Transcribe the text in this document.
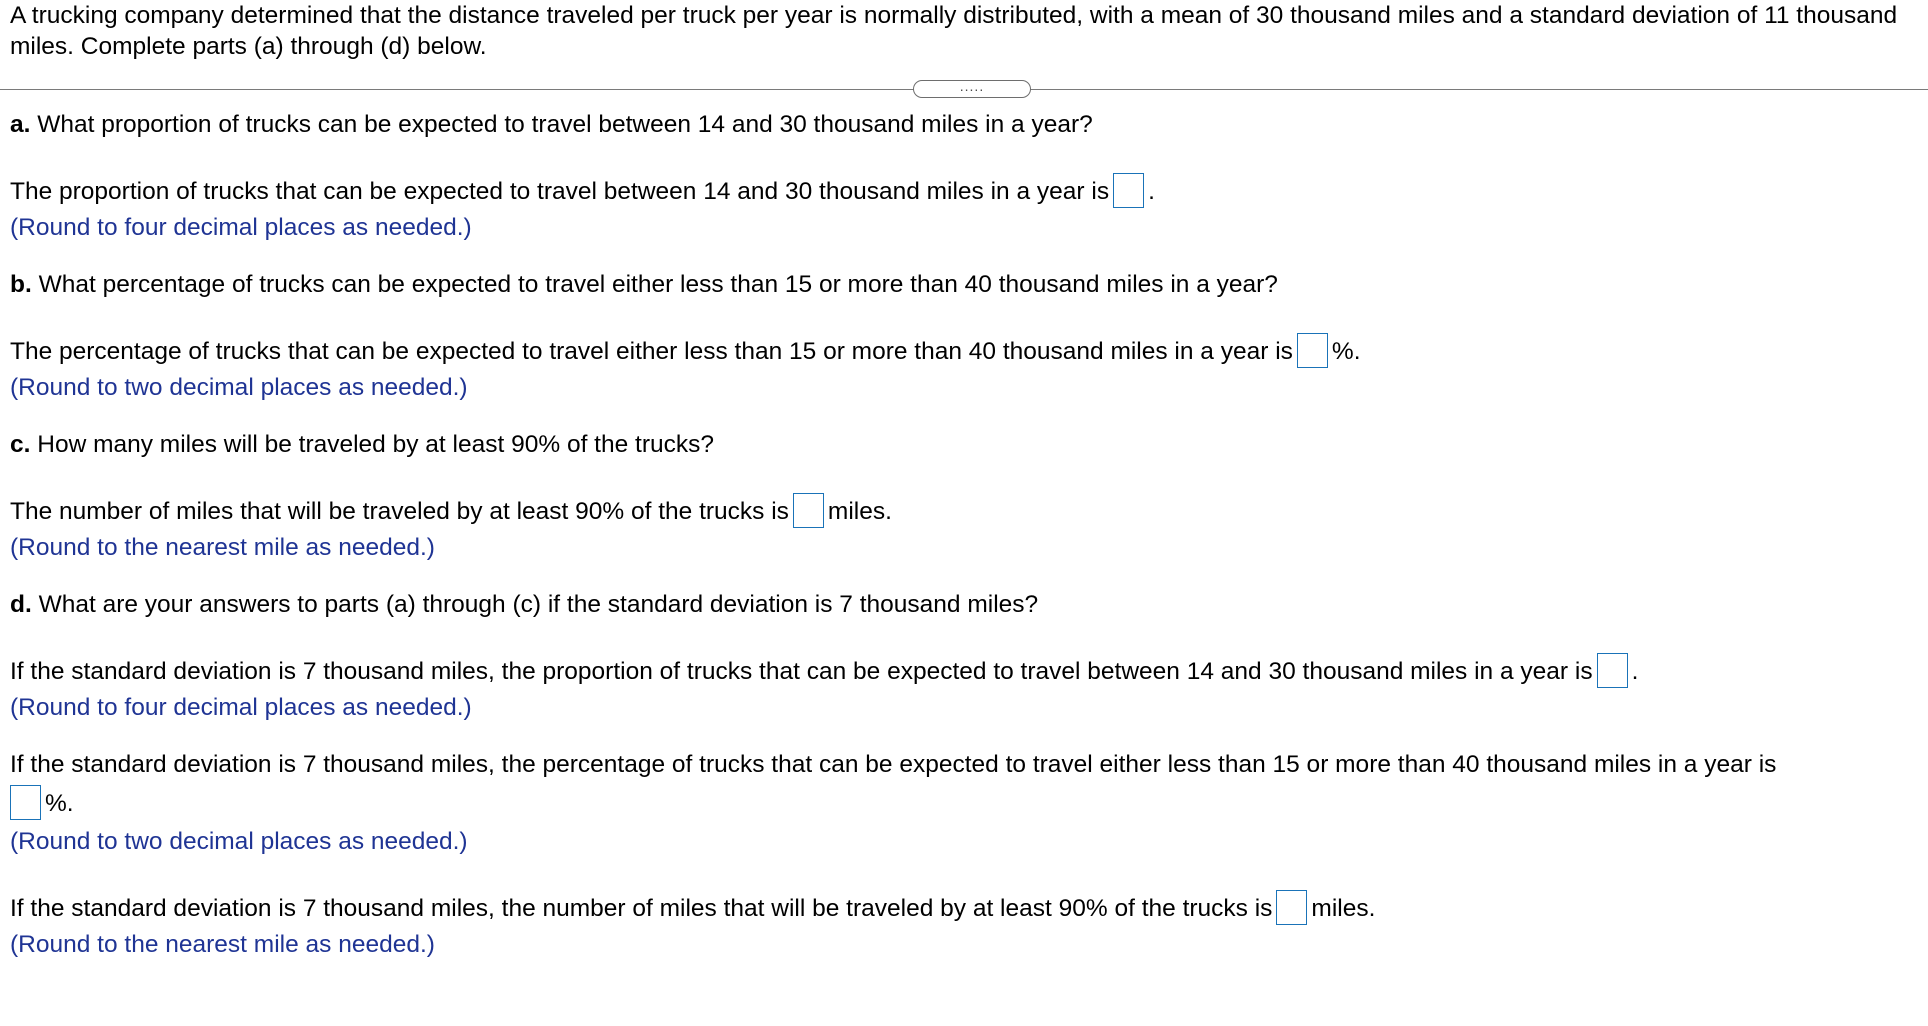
A trucking company determined that the distance traveled per truck per year is normally distributed, with a mean of 30 thousand miles and a standard deviation of 11 thousand miles. Complete parts (a) through (d) below.
.....
a. What proportion of trucks can be expected to travel between 14 and 30 thousand miles in a year?
The proportion of trucks that can be expected to travel between 14 and 30 thousand miles in a year is .
(Round to four decimal places as needed.)
b. What percentage of trucks can be expected to travel either less than 15 or more than 40 thousand miles in a year?
The percentage of trucks that can be expected to travel either less than 15 or more than 40 thousand miles in a year is %.
(Round to two decimal places as needed.)
c. How many miles will be traveled by at least 90% of the trucks?
The number of miles that will be traveled by at least 90% of the trucks is miles.
(Round to the nearest mile as needed.)
d. What are your answers to parts (a) through (c) if the standard deviation is 7 thousand miles?
If the standard deviation is 7 thousand miles, the proportion of trucks that can be expected to travel between 14 and 30 thousand miles in a year is .
(Round to four decimal places as needed.)
If the standard deviation is 7 thousand miles, the percentage of trucks that can be expected to travel either less than 15 or more than 40 thousand miles in a year is
%.
(Round to two decimal places as needed.)
If the standard deviation is 7 thousand miles, the number of miles that will be traveled by at least 90% of the trucks is miles.
(Round to the nearest mile as needed.)
